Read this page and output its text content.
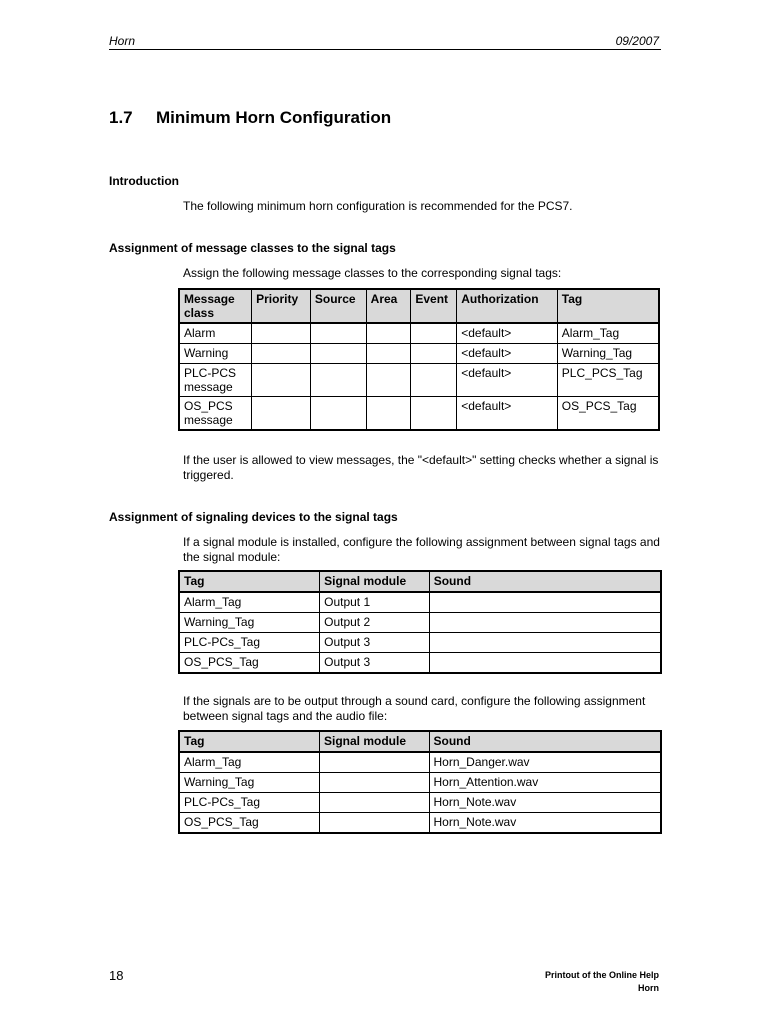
Horn	09/2007
1.7 Minimum Horn Configuration
Introduction
The following minimum horn configuration is recommended for the PCS7.
Assignment of message classes to the signal tags
Assign the following message classes to the corresponding signal tags:
Message class	Priority	Source	Area	Event	Authorization	Tag
Alarm					<default>	Alarm_Tag
Warning					<default>	Warning_Tag
PLC-PCS message					<default>	PLC_PCS_Tag
OS_PCS message					<default>	OS_PCS_Tag
If the user is allowed to view messages, the "<default>" setting checks whether a signal is triggered.
Assignment of signaling devices to the signal tags
If a signal module is installed, configure the following assignment between signal tags and the signal module:
Tag	Signal module	Sound
Alarm_Tag	Output 1	
Warning_Tag	Output 2	
PLC-PCs_Tag	Output 3	
OS_PCS_Tag	Output 3	
If the signals are to be output through a sound card, configure the following assignment between signal tags and the audio file:
Tag	Signal module	Sound
Alarm_Tag		Horn_Danger.wav
Warning_Tag		Horn_Attention.wav
PLC-PCs_Tag		Horn_Note.wav
OS_PCS_Tag		Horn_Note.wav
18	Printout of the Online Help
Horn
